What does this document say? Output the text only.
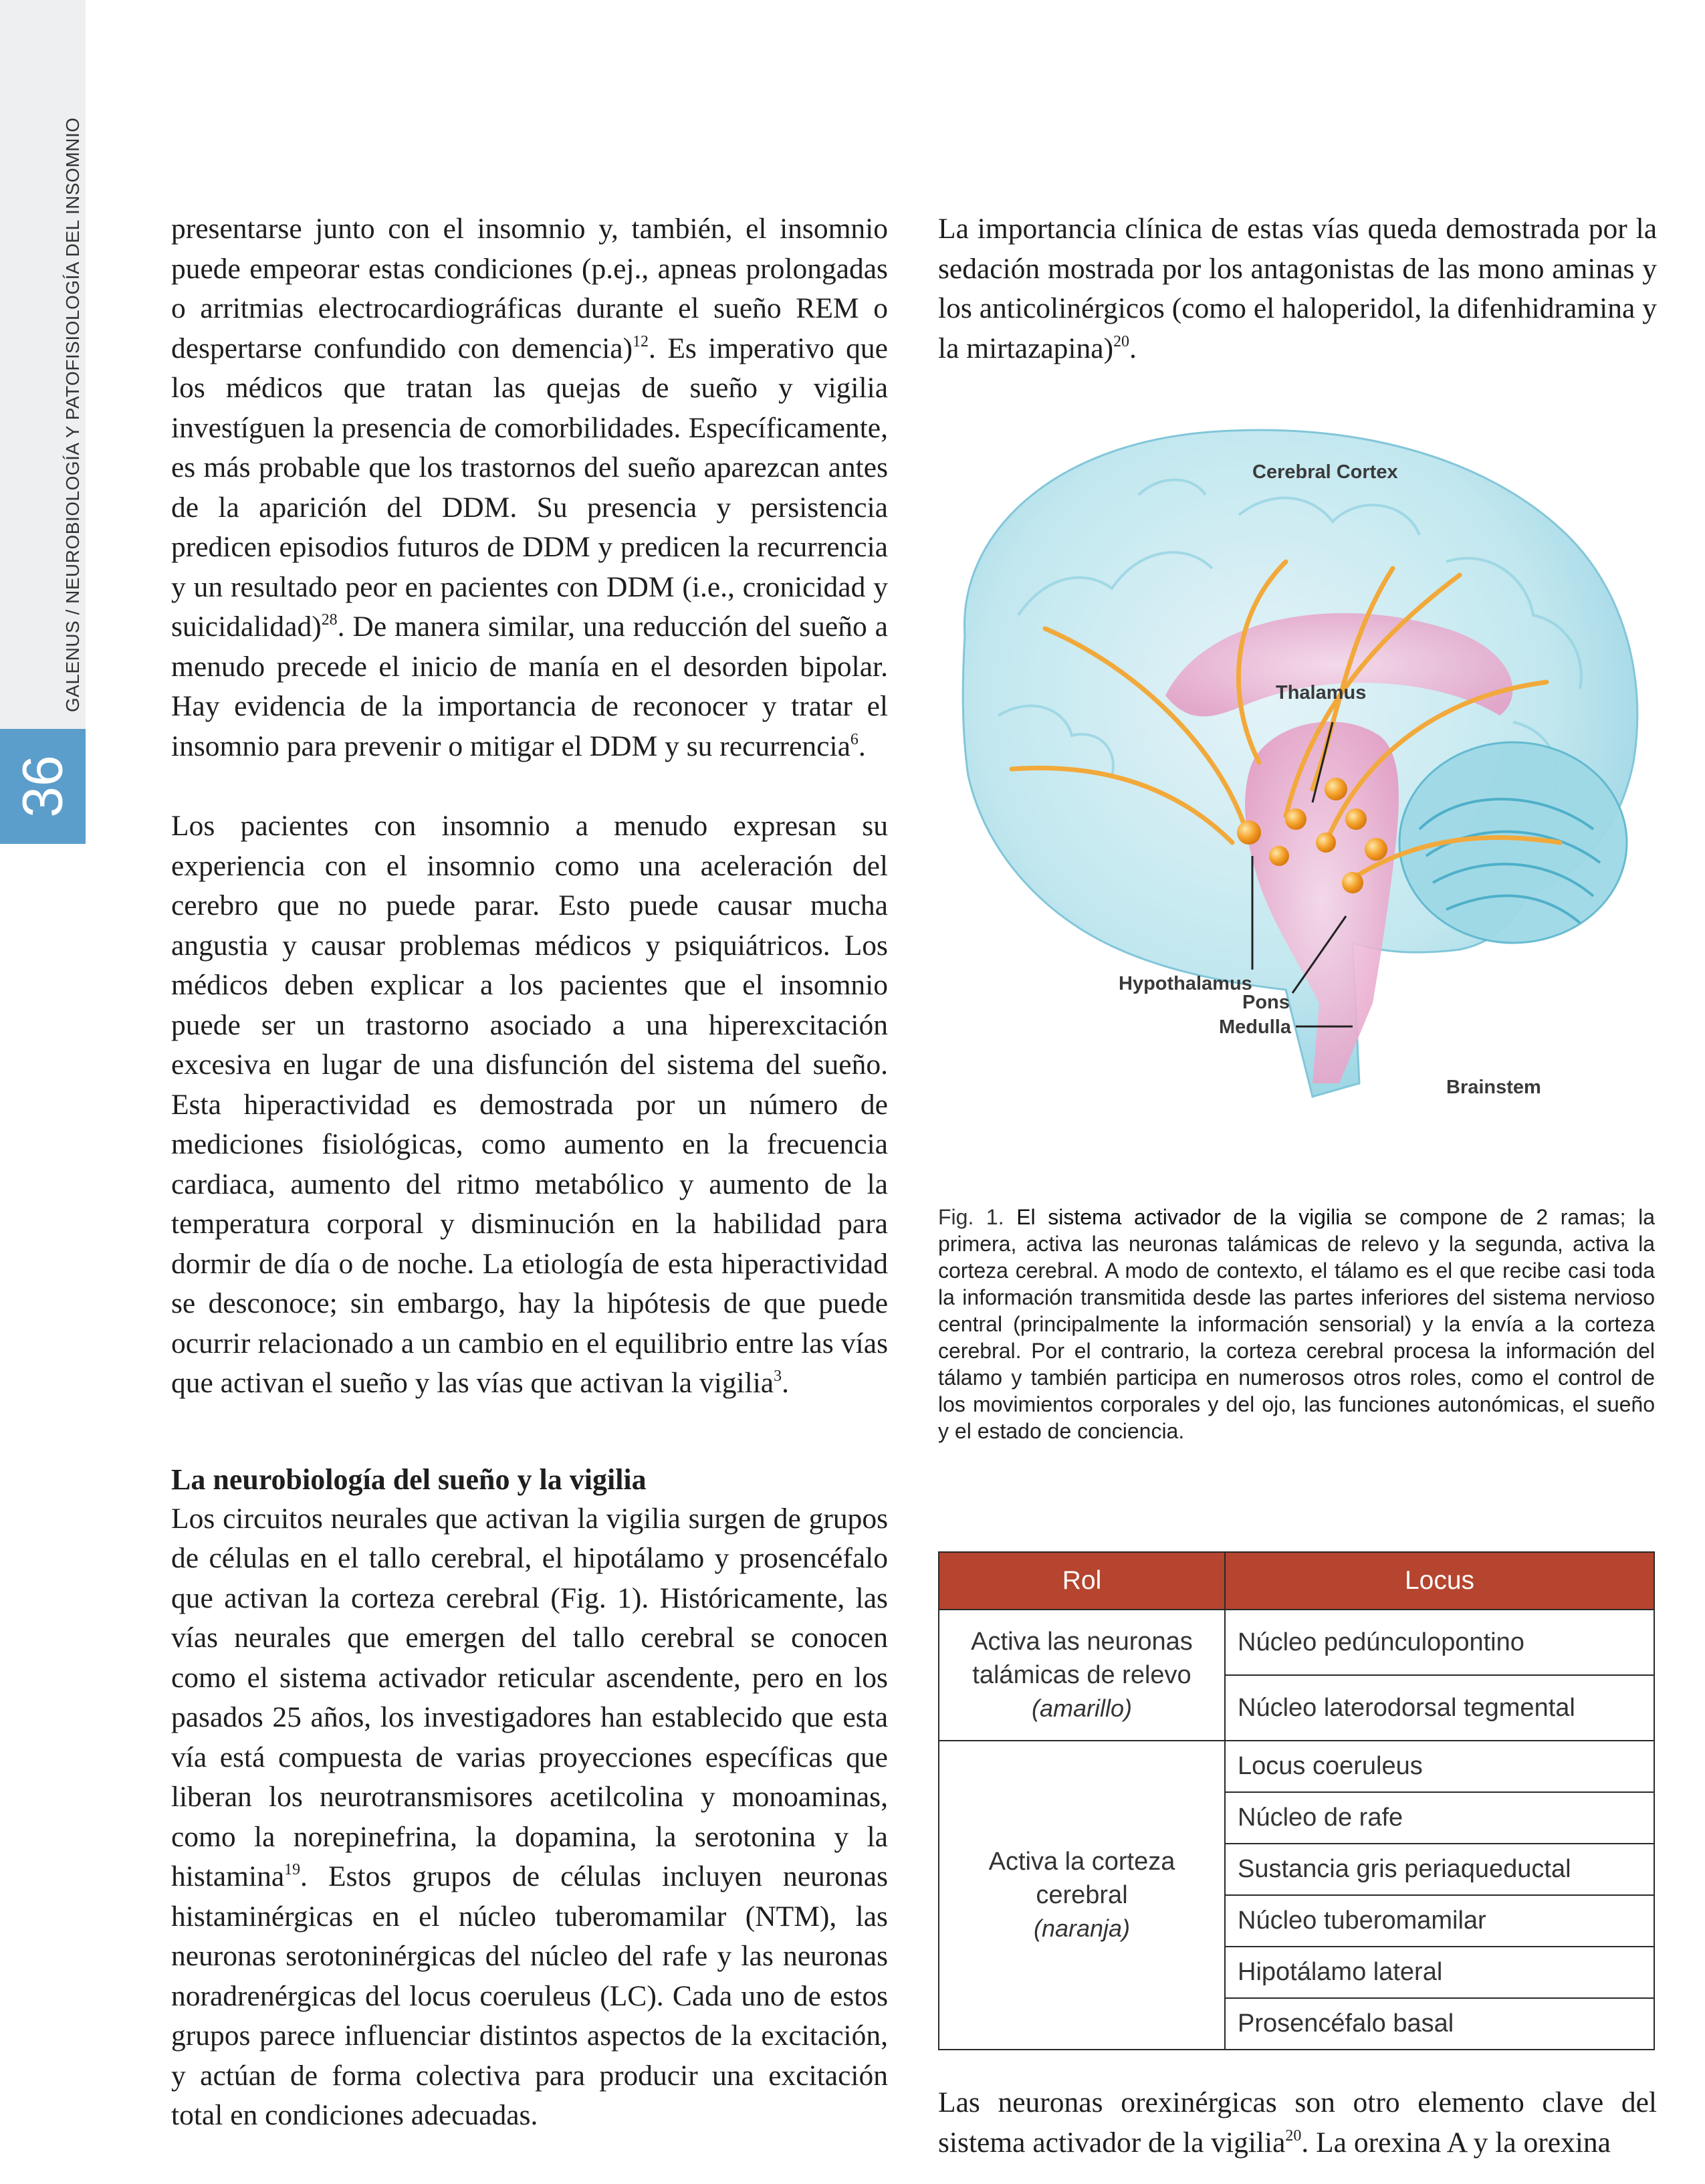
GALENUS / NEUROBIOLOGÍA Y PATOFISIOLOGÍA DEL INSOMNIO
36

presentarse junto con el insomnio y, también, el insomnio puede empeorar estas condiciones (p.ej., apneas prolongadas o arritmias electrocardiográficas durante el sueño REM o despertarse confundido con demencia)$^{12}$. Es imperativo que los médicos que tratan las quejas de sueño y vigilia investíguen la presencia de comorbilidades. Específicamente, es más probable que los trastornos del sueño aparezcan antes de la aparición del DDM. Su presencia y persistencia predicen episodios futuros de DDM y predicen la recurrencia y un resultado peor en pacientes con DDM (i.e., cronicidad y suicidalidad)$^{28}$. De manera similar, una reducción del sueño a menudo precede el inicio de manía en el desorden bipolar. Hay evidencia de la importancia de reconocer y tratar el insomnio para prevenir o mitigar el DDM y su recurrencia$^6$.

Los pacientes con insomnio a menudo expresan su experiencia con el insomnio como una aceleración del cerebro que no puede parar. Esto puede causar mucha angustia y causar problemas médicos y psiquiátricos. Los médicos deben explicar a los pacientes que el insomnio puede ser un trastorno asociado a una hiperexcitación excesiva en lugar de una disfunción del sistema del sueño. Esta hiperactividad es demostrada por un número de mediciones fisiológicas, como aumento en la frecuencia cardiaca, aumento del ritmo metabólico y aumento de la temperatura corporal y disminución en la habilidad para dormir de día o de noche. La etiología de esta hiperactividad se desconoce; sin embargo, hay la hipótesis de que puede ocurrir relacionado a un cambio en el equilibrio entre las vías que activan el sueño y las vías que activan la vigilia$^3$.

La neurobiología del sueño y la vigilia

Los circuitos neurales que activan la vigilia surgen de grupos de células en el tallo cerebral, el hipotálamo y prosencéfalo que activan la corteza cerebral (Fig. 1). Históricamente, las vías neurales que emergen del tallo cerebral se conocen como el sistema activador reticular ascendente, pero en los pasados 25 años, los investigadores han establecido que esta vía está compuesta de varias proyecciones específicas que liberan los neurotransmisores acetilcolina y monoaminas, como la norepinefrina, la dopamina, la serotonina y la histamina$^{19}$. Estos grupos de células incluyen neuronas histaminérgicas en el núcleo tuberomamilar (NTM), las neuronas serotoninérgicas del núcleo del rafe y las neuronas noradrenérgicas del locus coeruleus (LC). Cada uno de estos grupos parece influenciar distintos aspectos de la excitación, y actúan de forma colectiva para producir una excitación total en condiciones adecuadas.

La importancia clínica de estas vías queda demostrada por la sedación mostrada por los antagonistas de las mono aminas y los anticolinérgicos (como el haloperidol, la difenhidramina y la mirtazapina)$^{20}$.

Cerebral Cortex
Thalamus
Hypothalamus
Pons
Medulla
Brainstem
Fig. 1. El sistema activador de la vigilia se compone de 2 ramas; la primera, activa las neuronas talámicas de relevo y la segunda, activa la corteza cerebral. A modo de contexto, el tálamo es el que recibe casi toda la información transmitida desde las partes inferiores del sistema nervioso central (principalmente la información sensorial) y la envía a la corteza cerebral. Por el contrario, la corteza cerebral procesa la información del tálamo y también participa en numerosos otros roles, como el control de los movimientos corporales y del ojo, las funciones autonómicas, el sueño y el estado de conciencia.
Rol	Locus
Activa las neuronas talámicas de relevo
(amarillo)	Núcleo pedúnculopontino
	Núcleo laterodorsal tegmental
Activa la corteza cerebral
(naranja)	Locus coeruleus
	Núcleo de rafe
	Sustancia gris periaqueductal
	Núcleo tuberomamilar
	Hipotálamo lateral
	Prosencéfalo basal

Las neuronas orexinérgicas son otro elemento clave del sistema activador de la vigilia$^{20}$. La orexina A y la orexina
